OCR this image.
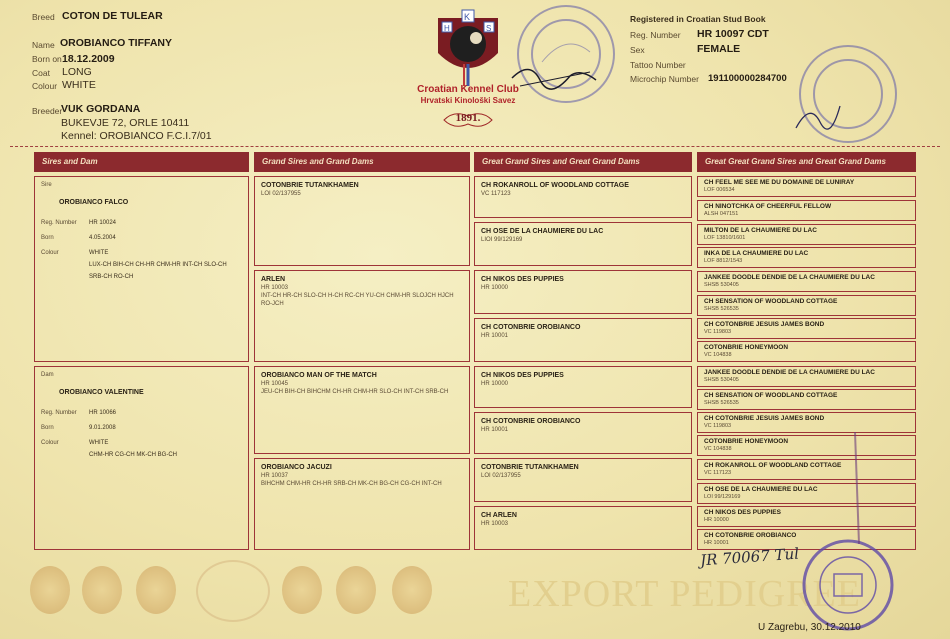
Breed COTON DE TULEAR
Name OROBIANCO TIFFANY
Born on 18.12.2009
Coat LONG
Colour WHITE
Breeder
VUK GORDANA
BUKEVJE 72, ORLE 10411
Kennel: OROBIANCO F.C.I.7/01
K
H	S
Croatian Kennel Club
Hrvatski Kinološki Savez
1891.
Registered in Croatian Stud Book
Reg. Number HR 10097 CDT
Sex	FEMALE
Tattoo Number
Microchip Number 191100000284700
Sires and Dam	Grand Sires and Grand Dams	Great Grand Sires and Great Grand Dams	Great Great Grand Sires and Great Grand Dams
Sire
OROBIANCO FALCO
Reg. Number HR 10024
Born	4.05.2004
Colour	WHITE
LUX-CH BIH-CH CH-HR CHM-HR INT-CH SLO-CH SRB-CH RO-CH
Dam
OROBIANCO VALENTINE
Reg. Number HR 10066
Born	9.01.2008
Colour	WHITE
CHM-HR CG-CH MK-CH BG-CH
COTONBRIE TUTANKHAMEN
LOI 02/137955
ARLEN
HR 10003
INT-CH HR-CH SLO-CH H-CH RC-CH YU-CH CHM-HR SLOJCH HJCH RO-JCH
OROBIANCO MAN OF THE MATCH
HR 10045
JEU-CH BIH-CH BIHCHM CH-HR CHM-HR SLO-CH INT-CH SRB-CH
OROBIANCO JACUZI
HR 10037
BIHCHM CHM-HR CH-HR SRB-CH MK-CH BG-CH CG-CH INT-CH
CH ROKANROLL OF WOODLAND COTTAGE
VC 117123
CH OSE DE LA CHAUMIERE DU LAC
LIOI 99/129169
CH NIKOS DES PUPPIES
HR 10000
CH COTONBRIE OROBIANCO
HR 10001
CH NIKOS DES PUPPIES
HR 10000
CH COTONBRIE OROBIANCO
HR 10001
COTONBRIE TUTANKHAMEN
LOI 02/137955
CH ARLEN
HR 10003
CH FEEL ME SEE ME DU DOMAINE DE LUNIRAY
LOF 006534
CH NINOTCHKA OF CHEERFUL FELLOW
ALSH 047151
MILTON DE LA CHAUMIERE DU LAC
LOF 13810/1601
INKA DE LA CHAUMIERE DU LAC
LOF 8812/1543
JANKEE DOODLE DENDIE DE LA CHAUMIERE DU LAC
SHSB 530405
CH SENSATION OF WOODLAND COTTAGE
SHSB 526535
CH COTONBRIE JESUIS JAMES BOND
VC 119803
COTONBRIE HONEYMOON
VC 104838
JANKEE DOODLE DENDIE DE LA CHAUMIERE DU LAC
SHSB 530405
CH SENSATION OF WOODLAND COTTAGE
SHSB 526535
CH COTONBRIE JESUIS JAMES BOND
VC 119803
COTONBRIE HONEYMOON
VC 104838
CH ROKANROLL OF WOODLAND COTTAGE
VC 117123
CH OSE DE LA CHAUMIERE DU LAC
LOI 99/129169
CH NIKOS DES PUPPIES
HR 10000
CH COTONBRIE OROBIANCO
HR 10001
EXPORT PEDIGREE
JR 70067 Tul
U Zagrebu, 30.12.2010
